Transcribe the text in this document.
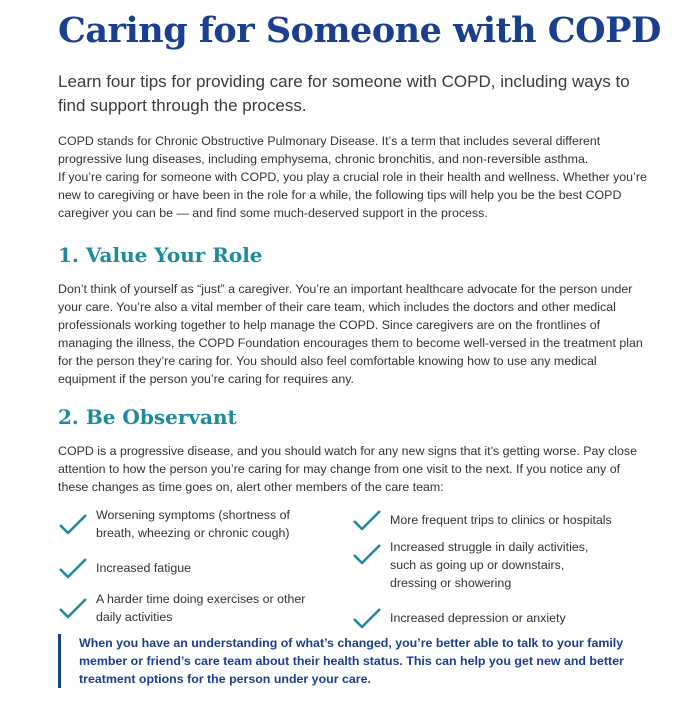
Caring for Someone with COPD

Learn four tips for providing care for someone with COPD, including ways to find support through the process.

COPD stands for Chronic Obstructive Pulmonary Disease. It’s a term that includes several different progressive lung diseases, including emphysema, chronic bronchitis, and non-reversible asthma.

If you’re caring for someone with COPD, you play a crucial role in their health and wellness. Whether you’re new to caregiving or have been in the role for a while, the following tips will help you be the best COPD caregiver you can be — and find some much-deserved support in the process.

1. Value Your Role

Don’t think of yourself as “just” a caregiver. You’re an important healthcare advocate for the person under your care. You’re also a vital member of their care team, which includes the doctors and other medical professionals working together to help manage the COPD. Since caregivers are on the frontlines of managing the illness, the COPD Foundation encourages them to become well-versed in the treatment plan for the person they’re caring for. You should also feel comfortable knowing how to use any medical equipment if the person you’re caring for requires any.

2. Be Observant

COPD is a progressive disease, and you should watch for any new signs that it’s getting worse. Pay close attention to how the person you’re caring for may change from one visit to the next. If you notice any of these changes as time goes on, alert other members of the care team:

Worsening symptoms (shortness of breath, wheezing or chronic cough)
Increased fatigue
A harder time doing exercises or other daily activities
More frequent trips to clinics or hospitals
Increased struggle in daily activities, such as going up or downstairs, dressing or showering
Increased depression or anxiety

When you have an understanding of what’s changed, you’re better able to talk to your family member or friend’s care team about their health status. This can help you get new and better treatment options for the person under your care.
